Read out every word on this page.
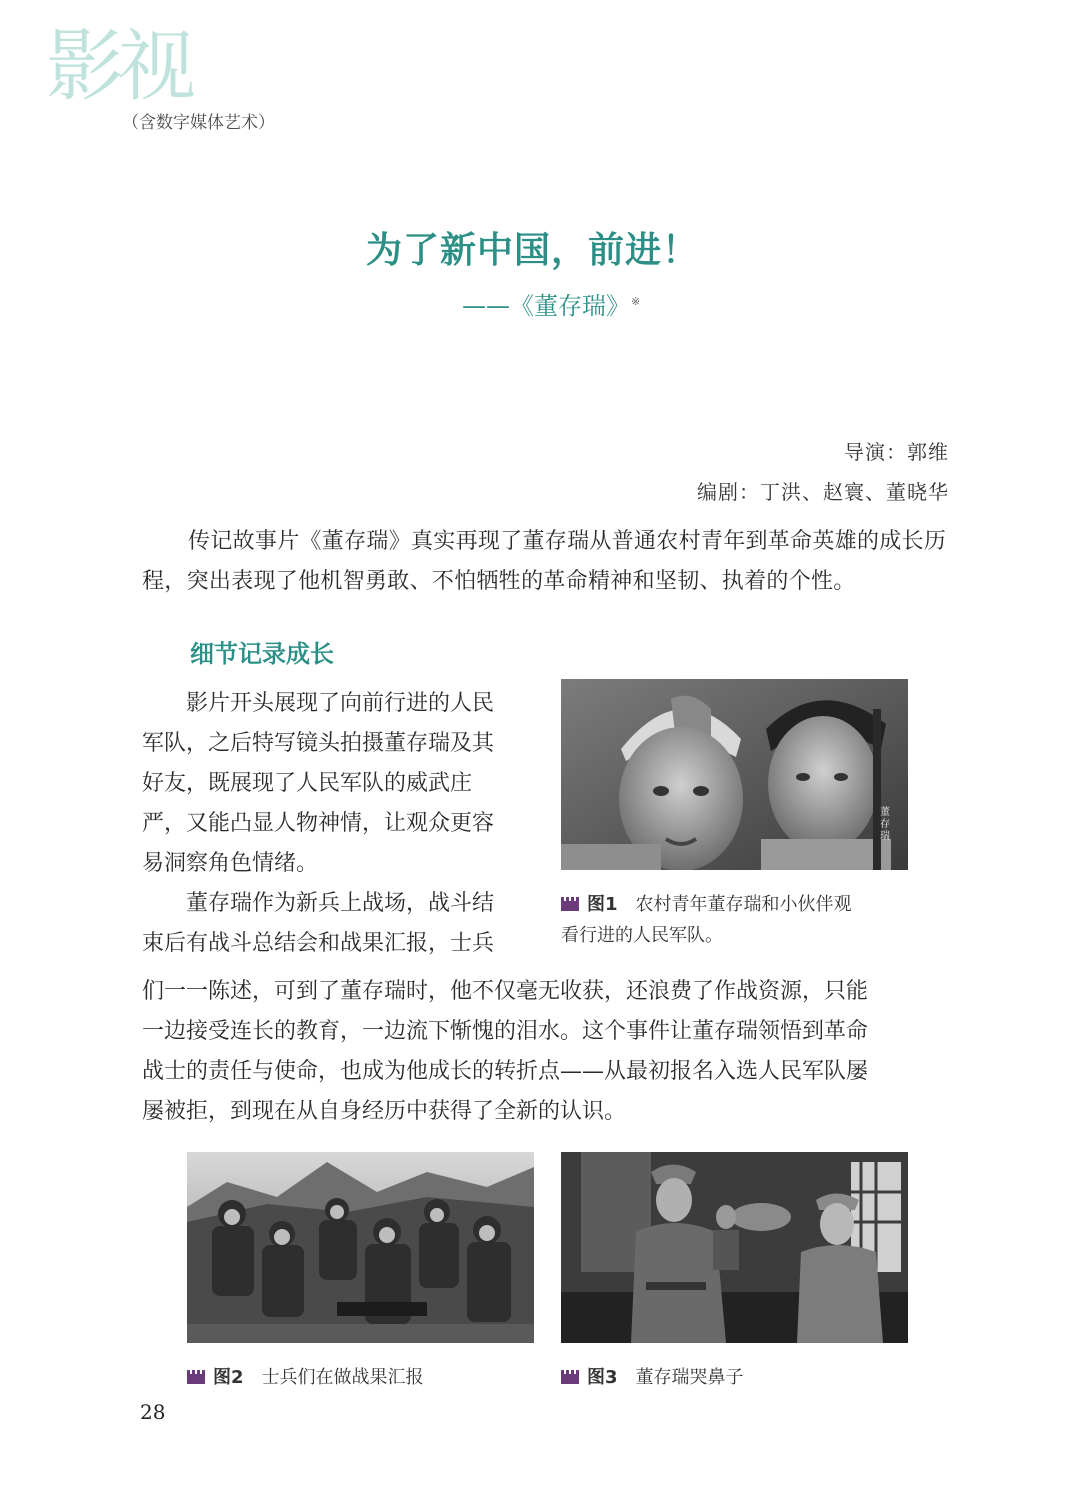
影视
（含数字媒体艺术）
为了新中国，前进！
——《董存瑞》※
导演：郭维
编剧：丁洪、赵寰、董晓华
传记故事片《董存瑞》真实再现了董存瑞从普通农村青年到革命英雄的成长历程，突出表现了他机智勇敢、不怕牺牲的革命精神和坚韧、执着的个性。
细节记录成长
　　影片开头展现了向前行进的人民
军队，之后特写镜头拍摄董存瑞及其
好友，既展现了人民军队的威武庄
严，又能凸显人物神情，让观众更容
易洞察角色情绪。
　　董存瑞作为新兵上战场，战斗结
束后有战斗总结会和战果汇报，士兵
们一一陈述，可到了董存瑞时，他不仅毫无收获，还浪费了作战资源，只能
一边接受连长的教育，一边流下惭愧的泪水。这个事件让董存瑞领悟到革命
战士的责任与使命，也成为他成长的转折点——从最初报名入选人民军队屡
屡被拒，到现在从自身经历中获得了全新的认识。
董存瑞
图1 农村青年董存瑞和小伙伴观
看行进的人民军队。
图2 士兵们在做战果汇报	图3 董存瑞哭鼻子
28
